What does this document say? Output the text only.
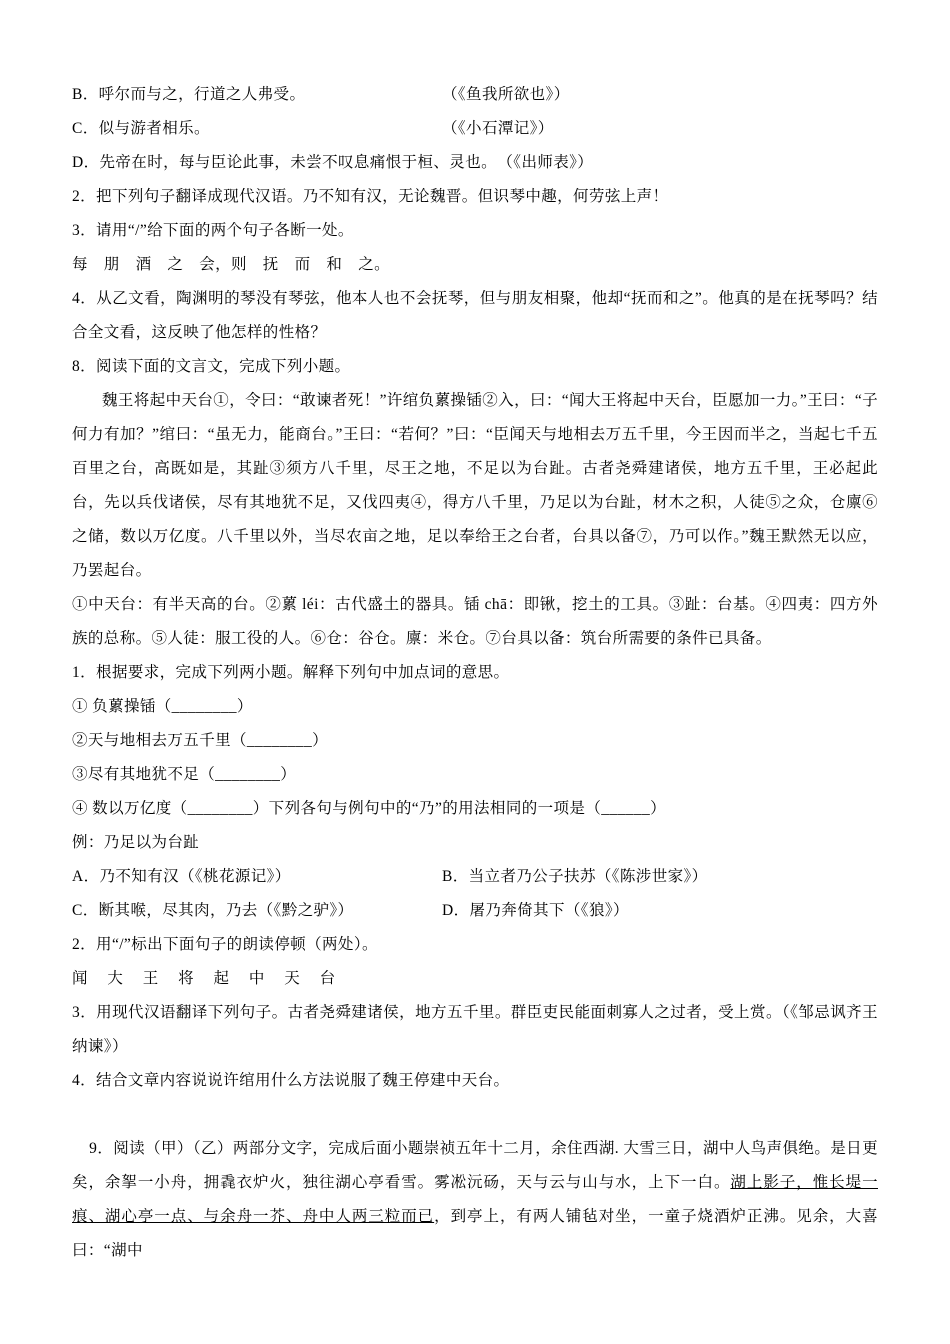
B．呼尔而与之，行道之人弗受。	（《鱼我所欲也》）
C．似与游者相乐。	（《小石潭记》）
D．先帝在时，每与臣论此事，未尝不叹息痛恨于桓、灵也。　（《出师表》）
2．把下列句子翻译成现代汉语。乃不知有汉，无论魏晋。但识琴中趣，何劳弦上声！
3．请用“/”给下面的两个句子各断一处。
每　朋　酒　之　会，则　抚　而　和　之。
4．从乙文看，陶渊明的琴没有琴弦，他本人也不会抚琴，但与朋友相聚，他却“抚而和之”。他真的是在抚琴吗？结合全文看，这反映了他怎样的性格？
8．阅读下面的文言文，完成下列小题。
魏王将起中天台①，令曰：“敢谏者死！”许绾负蔂操锸②入，曰：“闻大王将起中天台，臣愿加一力。”王曰：“子何力有加？”绾曰：“虽无力，能商台。”王曰：“若何？”曰：“臣闻天与地相去万五千里，今王因而半之，当起七千五百里之台，高既如是，其趾③须方八千里，尽王之地，不足以为台趾。古者尧舜建诸侯，地方五千里，王必起此台，先以兵伐诸侯，尽有其地犹不足，又伐四夷④，得方八千里，乃足以为台趾，材木之积，人徒⑤之众，仓廪⑥之储，数以万亿度。八千里以外，当尽农亩之地，足以奉给王之台者，台具以备⑦，乃可以作。”魏王默然无以应，乃罢起台。
①中天台：有半天高的台。②蔂 léi：古代盛土的器具。锸 chā：即锹，挖土的工具。③趾：台基。④四夷：四方外族的总称。⑤人徒：服工役的人。⑥仓：谷仓。廪：米仓。⑦台具以备：筑台所需要的条件已具备。
1．根据要求，完成下列两小题。解释下列句中加点词的意思。
① 负蔂操锸（________）
②天与地相去万五千里（________）
③尽有其地犹不足（________）
④ 数以万亿度（________）下列各句与例句中的“乃”的用法相同的一项是（______）
例：乃足以为台趾
A．乃不知有汉（《桃花源记》）	B．当立者乃公子扶苏（《陈涉世家》）
C．断其喉，尽其肉，乃去（《黔之驴》）	D．屠乃奔倚其下（《狼》）
2．用“/”标出下面句子的朗读停顿（两处）。
闻 大 王 将 起 中 天 台
3．用现代汉语翻译下列句子。古者尧舜建诸侯，地方五千里。群臣吏民能面刺寡人之过者，受上赏。（《邹忌讽齐王纳谏》）
4．结合文章内容说说许绾用什么方法说服了魏王停建中天台。

9．阅读（甲）（乙）两部分文字，完成后面小题崇祯五年十二月，余住西湖. 大雪三日，湖中人鸟声俱绝。是日更矣，余挐一小舟，拥毳衣炉火，独往湖心亭看雪。雾凇沅砀，天与云与山与水，上下一白。湖上影子，惟长堤一痕、湖心亭一点、与余舟一芥、舟中人两三粒而已，到亭上，有两人铺毡对坐，一童子烧酒炉正沸。见余，大喜曰：“湖中
